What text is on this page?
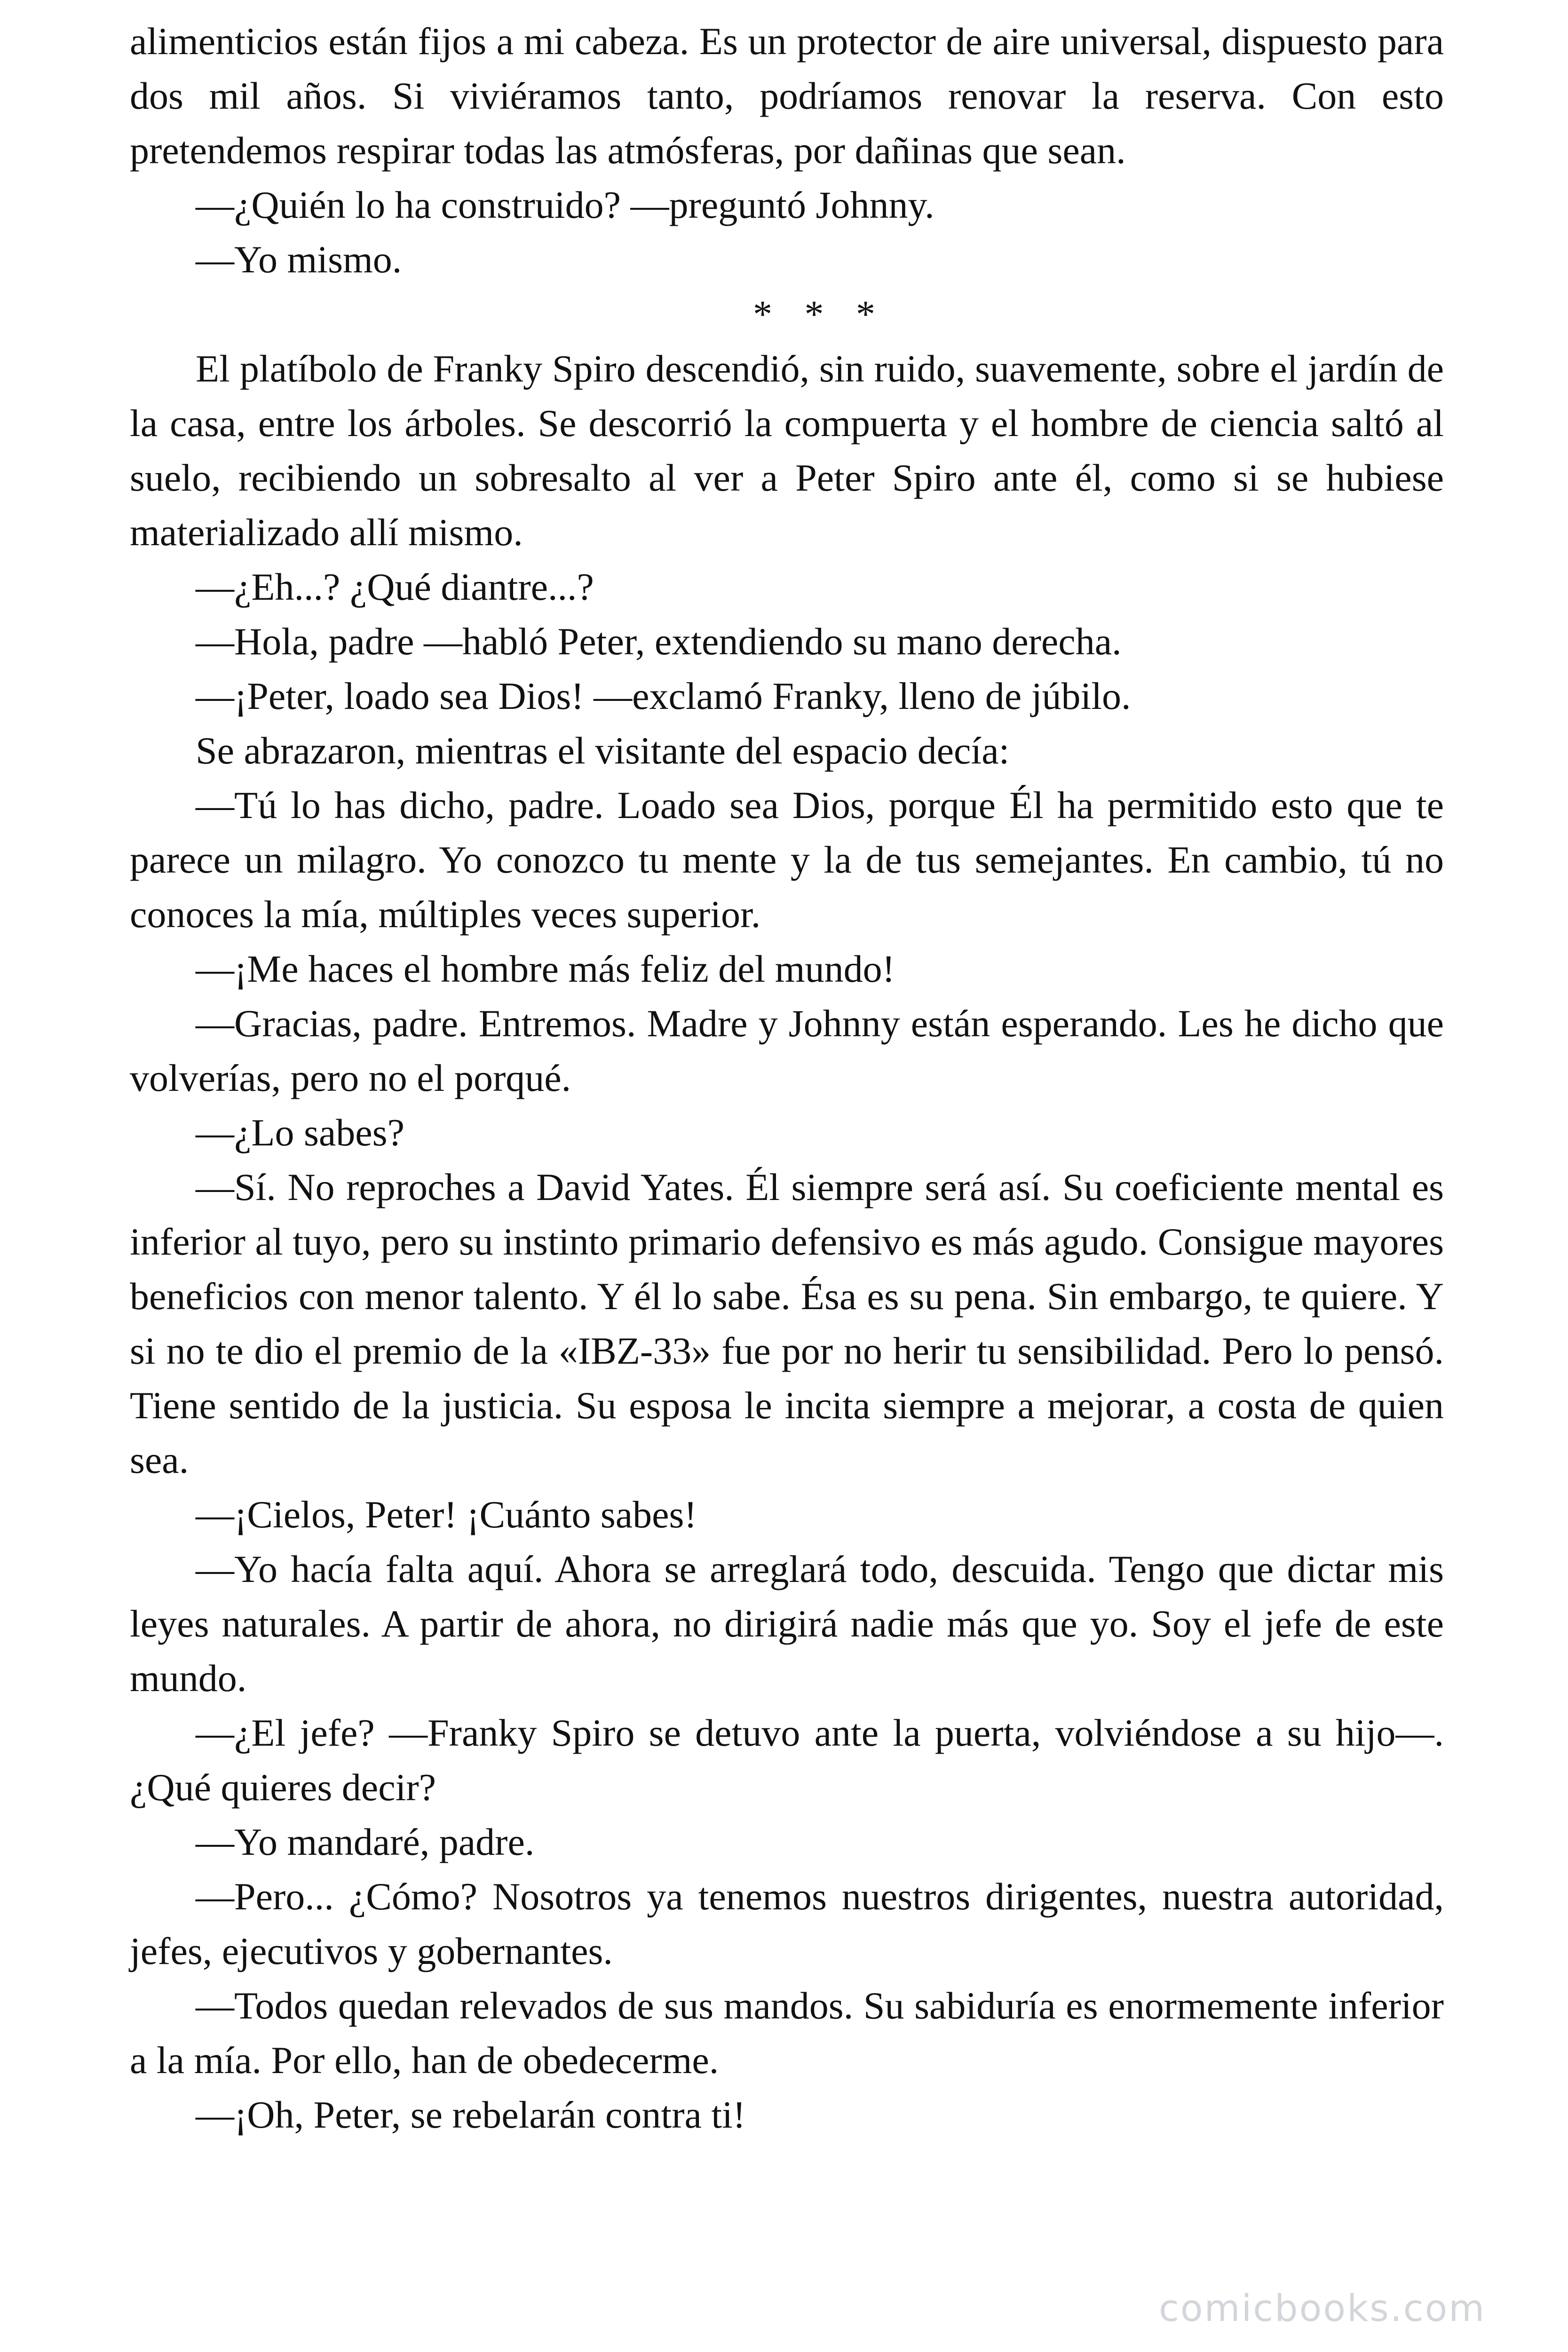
alimenticios están fijos a mi cabeza. Es un protector de aire universal, dispuesto para dos mil años. Si viviéramos tanto, podríamos renovar la reserva. Con esto pretendemos respirar todas las atmósferas, por dañinas que sean.

—¿Quién lo ha construido? —preguntó Johnny.

—Yo mismo.

* * *

El platíbolo de Franky Spiro descendió, sin ruido, suavemente, sobre el jardín de la casa, entre los árboles. Se descorrió la compuerta y el hombre de ciencia saltó al suelo, recibiendo un sobresalto al ver a Peter Spiro ante él, como si se hubiese materializado allí mismo.

—¿Eh...? ¿Qué diantre...?

—Hola, padre —habló Peter, extendiendo su mano derecha.

—¡Peter, loado sea Dios! —exclamó Franky, lleno de júbilo.

Se abrazaron, mientras el visitante del espacio decía:

—Tú lo has dicho, padre. Loado sea Dios, porque Él ha permitido esto que te parece un milagro. Yo conozco tu mente y la de tus semejantes. En cambio, tú no conoces la mía, múltiples veces superior.

—¡Me haces el hombre más feliz del mundo!

—Gracias, padre. Entremos. Madre y Johnny están esperando. Les he dicho que volverías, pero no el porqué.

—¿Lo sabes?

—Sí. No reproches a David Yates. Él siempre será así. Su coeficiente mental es inferior al tuyo, pero su instinto primario defensivo es más agudo. Consigue mayores beneficios con menor talento. Y él lo sabe. Ésa es su pena. Sin embargo, te quiere. Y si no te dio el premio de la «IBZ-33» fue por no herir tu sensibilidad. Pero lo pensó. Tiene sentido de la justicia. Su esposa le incita siempre a mejorar, a costa de quien sea.

—¡Cielos, Peter! ¡Cuánto sabes!

—Yo hacía falta aquí. Ahora se arreglará todo, descuida. Tengo que dictar mis leyes naturales. A partir de ahora, no dirigirá nadie más que yo. Soy el jefe de este mundo.

—¿El jefe? —Franky Spiro se detuvo ante la puerta, volviéndose a su hijo—. ¿Qué quieres decir?

—Yo mandaré, padre.

—Pero... ¿Cómo? Nosotros ya tenemos nuestros dirigentes, nuestra autoridad, jefes, ejecutivos y gobernantes.

—Todos quedan relevados de sus mandos. Su sabiduría es enormemente inferior a la mía. Por ello, han de obedecerme.

—¡Oh, Peter, se rebelarán contra ti!

comicbooks.com
